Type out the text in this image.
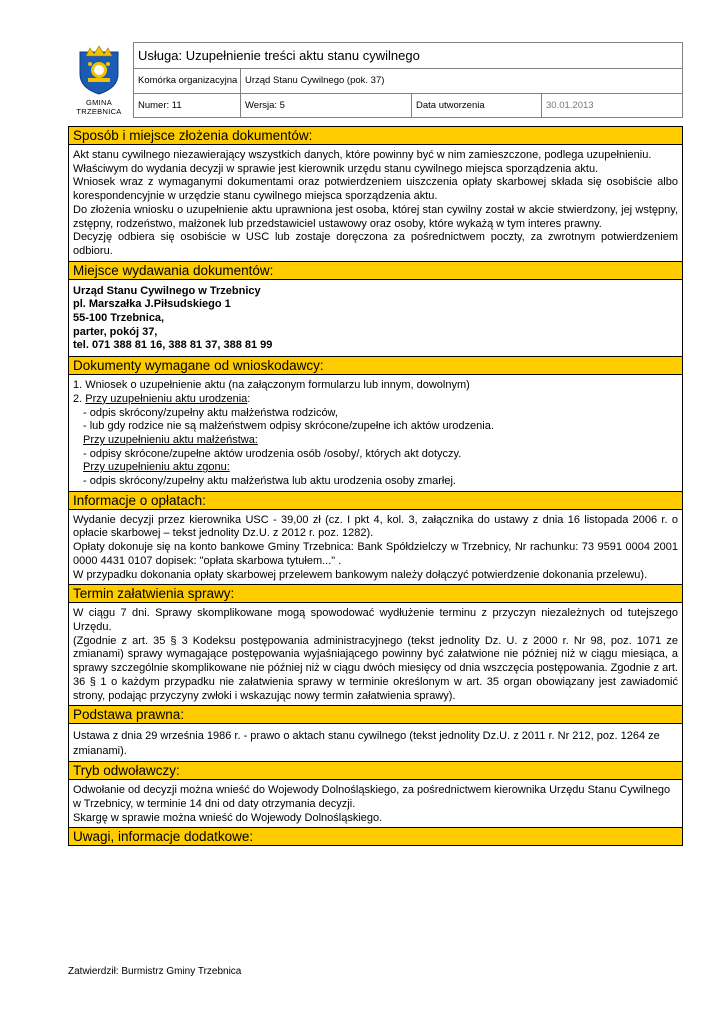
GMINA
TRZEBNICA
Usługa: Uzupełnienie treści aktu stanu cywilnego
Komórka organizacyjna Urząd Stanu Cywilnego (pok. 37)
Numer: 11	Wersja: 5	Data utworzenia	30.01.2013
Sposób i miejsce złożenia dokumentów:

Akt stanu cywilnego niezawierający wszystkich danych, które powinny być w nim zamieszczone, podlega uzupełnieniu.

Właściwym do wydania decyzji w sprawie jest kierownik urzędu stanu cywilnego miejsca sporządzenia aktu.

Wniosek wraz z wymaganymi dokumentami oraz potwierdzeniem uiszczenia opłaty skarbowej składa się osobiście albo korespondencyjnie w urzędzie stanu cywilnego miejsca sporządzenia aktu.

Do złożenia wniosku o uzupełnienie aktu uprawniona jest osoba, której stan cywilny został w akcie stwierdzony, jej wstępny, zstępny, rodzeństwo, małżonek lub przedstawiciel ustawowy oraz osoby, które wykażą w tym interes prawny.

Decyzję odbiera się osobiście w USC lub zostaje doręczona za pośrednictwem poczty, za zwrotnym potwierdzeniem odbioru.

Miejsce wydawania dokumentów:

Urząd Stanu Cywilnego w Trzebnicy

pl. Marszałka J.Piłsudskiego 1

55-100 Trzebnica,

parter, pokój 37,

tel. 071 388 81 16, 388 81 37, 388 81 99

Dokumenty wymagane od wnioskodawcy:

1. Wniosek o uzupełnienie aktu (na załączonym formularzu lub innym, dowolnym)

2. Przy uzupełnieniu aktu urodzenia:

- odpis skrócony/zupełny aktu małżeństwa rodziców,

- lub gdy rodzice nie są małżeństwem odpisy skrócone/zupełne ich aktów urodzenia.

Przy uzupełnieniu aktu małżeństwa:

- odpisy skrócone/zupełne aktów urodzenia osób /osoby/, których akt dotyczy.

Przy uzupełnieniu aktu zgonu:

- odpis skrócony/zupełny aktu małżeństwa lub aktu urodzenia osoby zmarłej.

Informacje o opłatach:

Wydanie decyzji przez kierownika USC - 39,00 zł (cz. I pkt 4, kol. 3, załącznika do ustawy z dnia 16 listopada 2006 r. o opłacie skarbowej – tekst jednolity Dz.U. z 2012 r. poz. 1282).

Opłaty dokonuje się na konto bankowe Gminy Trzebnica: Bank Spółdzielczy w Trzebnicy, Nr rachunku: 73 9591 0004 2001 0000 4431 0107 dopisek: "opłata skarbowa tytułem..." .

W przypadku dokonania opłaty skarbowej przelewem bankowym należy dołączyć potwierdzenie dokonania przelewu).

Termin załatwienia sprawy:

W ciągu 7 dni. Sprawy skomplikowane mogą spowodować wydłużenie terminu z przyczyn niezależnych od tutejszego Urzędu.

(Zgodnie z art. 35 § 3 Kodeksu postępowania administracyjnego (tekst jednolity Dz. U. z 2000 r. Nr 98, poz. 1071 ze zmianami) sprawy wymagające postępowania wyjaśniającego powinny być załatwione nie później niż w ciągu miesiąca, a sprawy szczególnie skomplikowane nie później niż w ciągu dwóch miesięcy od dnia wszczęcia postępowania. Zgodnie z art. 36 § 1 o każdym przypadku nie załatwienia sprawy w terminie określonym w art. 35 organ obowiązany jest zawiadomić strony, podając przyczyny zwłoki i wskazując nowy termin załatwienia sprawy).

Podstawa prawna:

Ustawa z dnia 29 września 1986 r. - prawo o aktach stanu cywilnego (tekst jednolity Dz.U. z 2011 r. Nr 212, poz. 1264 ze zmianami).

Tryb odwoławczy:

Odwołanie od decyzji można wnieść do Wojewody Dolnośląskiego, za pośrednictwem kierownika Urzędu Stanu Cywilnego w Trzebnicy, w terminie 14 dni od daty otrzymania decyzji.

Skargę w sprawie można wnieść do Wojewody Dolnośląskiego.

Uwagi, informacje dodatkowe:
Zatwierdził: Burmistrz Gminy Trzebnica
